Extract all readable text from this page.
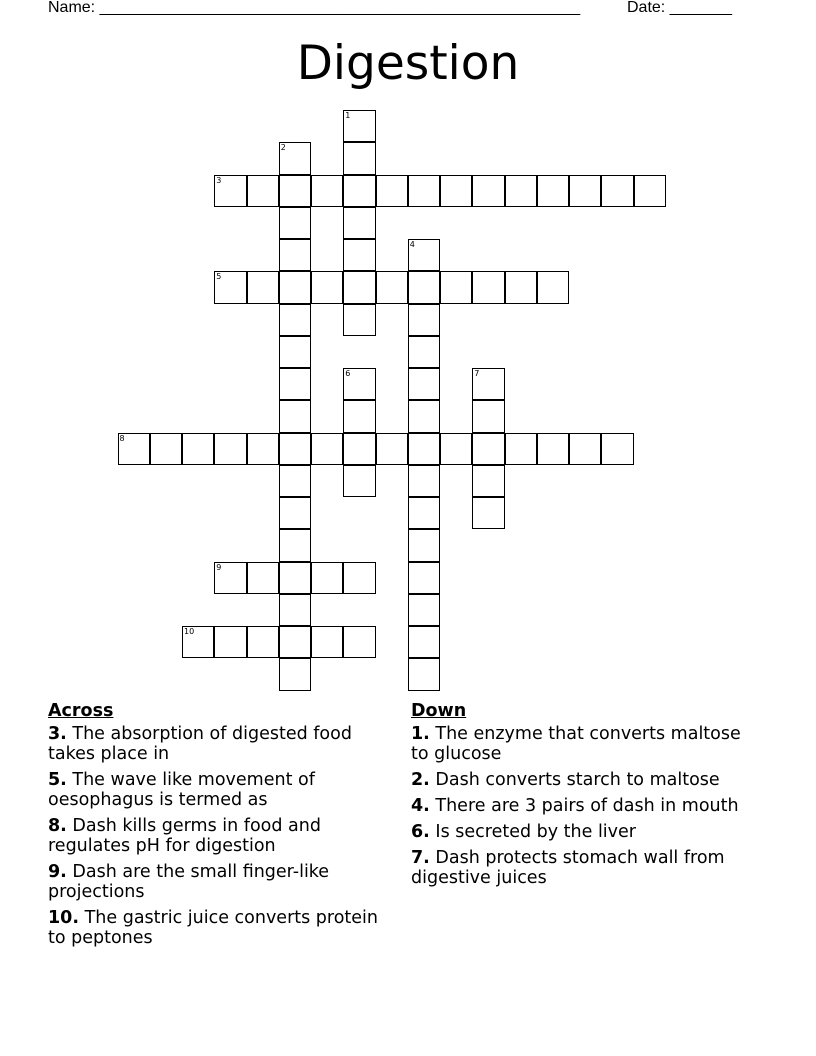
Name: ______________________________________________________	Date: _______
Digestion
1
2
3
4
5
6	7
8
9
10
Across
3. The absorption of digested food takes place in
5. The wave like movement of oesophagus is termed as
8. Dash kills germs in food and regulates pH for digestion
9. Dash are the small finger-like projections
10. The gastric juice converts protein to peptones
Down
1. The enzyme that converts maltose to glucose
2. Dash converts starch to maltose
4. There are 3 pairs of dash in mouth
6. Is secreted by the liver
7. Dash protects stomach wall from digestive juices
